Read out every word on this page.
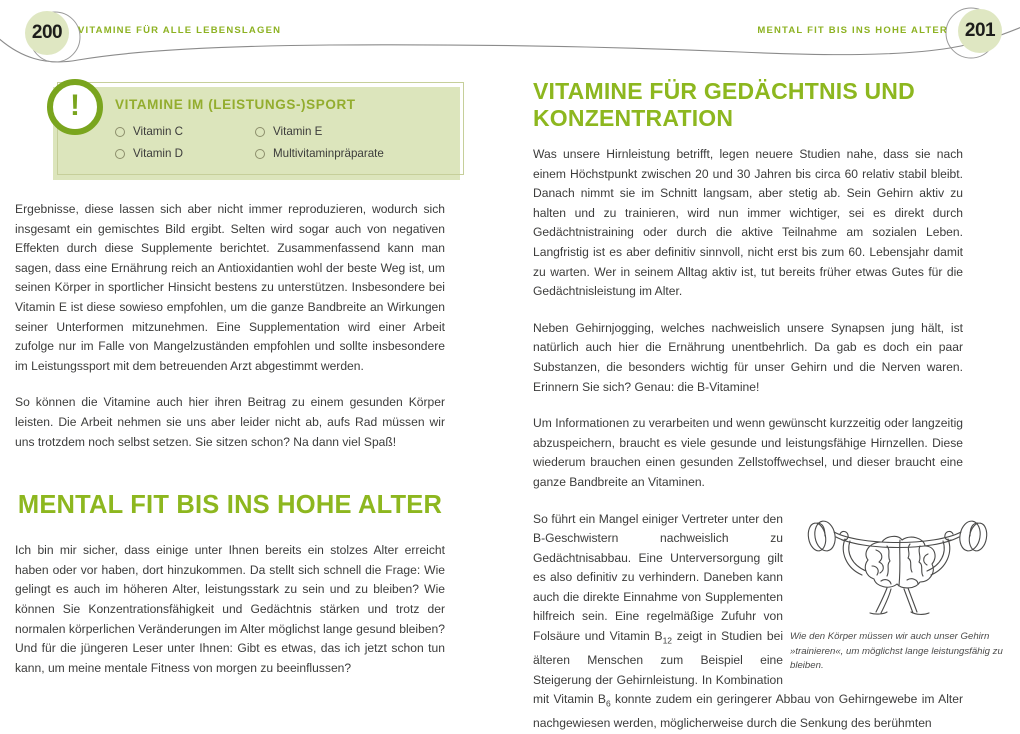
200	VITAMINE FÜR ALLE LEBENSLAGEN	201
MENTAL FIT BIS INS HOHE ALTER
VITAMINE IM (LEISTUNGS-)SPORT
Vitamin C	Vitamin E
Vitamin D	Multivitaminpräparate
!

Ergebnisse, diese lassen sich aber nicht immer reproduzieren, wodurch sich insgesamt ein gemischtes Bild ergibt. Selten wird sogar auch von negativen Effekten durch diese Supplemente berichtet. Zusammenfassend kann man sagen, dass eine Ernährung reich an Antioxidantien wohl der beste Weg ist, um seinen Körper in sportlicher Hinsicht bestens zu unterstützen. Insbesondere bei Vitamin E ist diese sowieso empfohlen, um die ganze Bandbreite an Wirkungen seiner Unterformen mitzunehmen. Eine Supplementation wird einer Arbeit zufolge nur im Falle von Mangelzuständen empfohlen und sollte insbesondere im Leistungssport mit dem betreuenden Arzt abgestimmt werden.

So können die Vitamine auch hier ihren Beitrag zu einem gesunden Körper leisten. Die Arbeit nehmen sie uns aber leider nicht ab, aufs Rad müssen wir uns trotzdem noch selbst setzen. Sie sitzen schon? Na dann viel Spaß!

MENTAL FIT BIS INS HOHE ALTER

Ich bin mir sicher, dass einige unter Ihnen bereits ein stolzes Alter erreicht haben oder vor haben, dort hinzukommen. Da stellt sich schnell die Frage: Wie gelingt es auch im höheren Alter, leistungsstark zu sein und zu bleiben? Wie können Sie Konzentrationsfähigkeit und Gedächtnis stärken und trotz der normalen körperlichen Veränderungen im Alter möglichst lange gesund bleiben? Und für die jüngeren Leser unter Ihnen: Gibt es etwas, das ich jetzt schon tun kann, um meine mentale Fitness von morgen zu beeinflussen?

VITAMINE FÜR GEDÄCHTNIS UND KONZENTRATION

Was unsere Hirnleistung betrifft, legen neuere Studien nahe, dass sie nach einem Höchstpunkt zwischen 20 und 30 Jahren bis circa 60 relativ stabil bleibt. Danach nimmt sie im Schnitt langsam, aber stetig ab. Sein Gehirn aktiv zu halten und zu trainieren, wird nun immer wichtiger, sei es direkt durch Gedächtnistraining oder durch die aktive Teilnahme am sozialen Leben. Langfristig ist es aber definitiv sinnvoll, nicht erst bis zum 60. Lebensjahr damit zu warten. Wer in seinem Alltag aktiv ist, tut bereits früher etwas Gutes für die Gedächtnisleistung im Alter.

Neben Gehirnjogging, welches nachweislich unsere Synapsen jung hält, ist natürlich auch hier die Ernährung unentbehrlich. Da gab es doch ein paar Substanzen, die besonders wichtig für unser Gehirn und die Nerven waren. Erinnern Sie sich? Genau: die B-Vitamine!

Um Informationen zu verarbeiten und wenn gewünscht kurzzeitig oder langzeitig abzuspeichern, braucht es viele gesunde und leistungsfähige Hirnzellen. Diese wiederum brauchen einen gesunden Zellstoffwechsel, und dieser braucht eine ganze Bandbreite an Vitaminen.

So führt ein Mangel einiger Vertreter unter den B-Geschwistern nachweislich zu Gedächtnisabbau. Eine Unterversorgung gilt es also definitiv zu verhindern. Daneben kann auch die direkte Einnahme von Supplementen hilfreich sein. Eine regelmäßige Zufuhr von Folsäure und Vitamin $B_{12}$ zeigt in Studien bei älteren Menschen zum Beispiel eine Steigerung der Gehirnleistung. In Kombination mit Vitamin $B_6$ konnte zudem ein geringerer Abbau von Gehirngewebe im Alter nachgewiesen werden, möglicherweise durch die Senkung des berühmten

Wie den Körper müssen wir auch unser Gehirn »trainieren«, um möglichst lange leistungsfähig zu bleiben.
